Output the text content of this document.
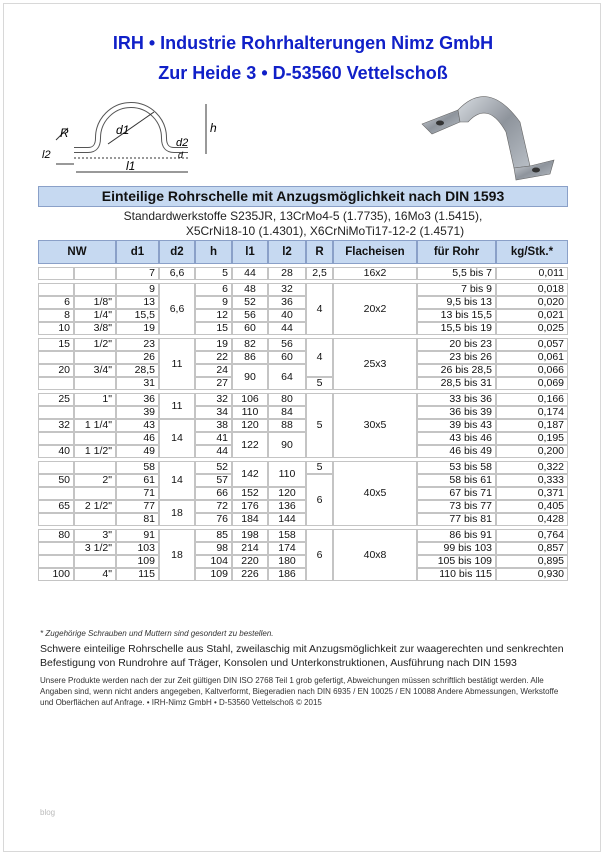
IRH • Industrie Rohrhalterungen Nimz GmbH
Zur Heide 3 • D-53560 Vettelschoß
R	d1
l2
l1
d2
h
d
Einteilige Rohrschelle mit Anzugsmöglichkeit nach DIN 1593
Standardwerkstoffe S235JR, 13CrMo4-5 (1.7735), 16Mo3 (1.5415),
X5CrNi18-10 (1.4301), X6CrNiMoTi17-12-2 (1.4571)
NW		d1	d2	h	l1	l2	R	Flacheisen	für Rohr	kg/Stk.*

		7	6,6	5	44	28	2,5	16x2	5,5 bis 7	0,011

		9	6,6	6	48	32	4	20x2	7 bis 9	0,018
6	1/8"	13		9	52	36			9,5 bis 13	0,020
8	1/4"	15,5		12	56	40			13 bis 15,5	0,021
10	3/8"	19		15	60	44			15,5 bis 19	0,025

15	1/2"	23	11	19	82	56	4	25x3	20 bis 23	0,057
		26		22	86	60			23 bis 26	0,061
20	3/4"	28,5		24	90	64			26 bis 28,5	0,066
		31		27			5		28,5 bis 31	0,069

25	1"	36	11	32	106	80	5	30x5	33 bis 36	0,166
		39		34	110	84			36 bis 39	0,174
32	1 1/4"	43	14	38	120	88			39 bis 43	0,187
		46		41	122	90			43 bis 46	0,195
40	1 1/2"	49		44					46 bis 49	0,200

		58	14	52	142	110	5	40x5	53 bis 58	0,322
50	2"	61		57			6		58 bis 61	0,333
		71		66	152	120			67 bis 71	0,371
65	2 1/2"	77	18	72	176	136			73 bis 77	0,405
		81		76	184	144			77 bis 81	0,428

80	3"	91	18	85	198	158	6	40x8	86 bis 91	0,764
	3 1/2"	103		98	214	174			99 bis 103	0,857
		109		104	220	180			105 bis 109	0,895
100	4"	115		109	226	186			110 bis 115	0,930
* Zugehörige Schrauben und Muttern sind gesondert zu bestellen.
Schwere einteilige Rohrschelle aus Stahl, zweilaschig mit Anzugsmöglichkeit zur waagerechten und senkrechten Befestigung von Rundrohre auf Träger, Konsolen und Unterkonstruktionen, Ausführung nach DIN 1593
Unsere Produkte werden nach der zur Zeit gültigen DIN ISO 2768 Teil 1 grob gefertigt, Abweichungen müssen schriftlich bestätigt werden. Alle Angaben sind, wenn nicht anders angegeben, Kaltverformt, Biegeradien nach DIN 6935 / EN 10025 / EN 10088 Andere Abmessungen, Werkstoffe und Oberflächen auf Anfrage. • IRH-Nimz GmbH • D-53560 Vettelschoß © 2015
blog
